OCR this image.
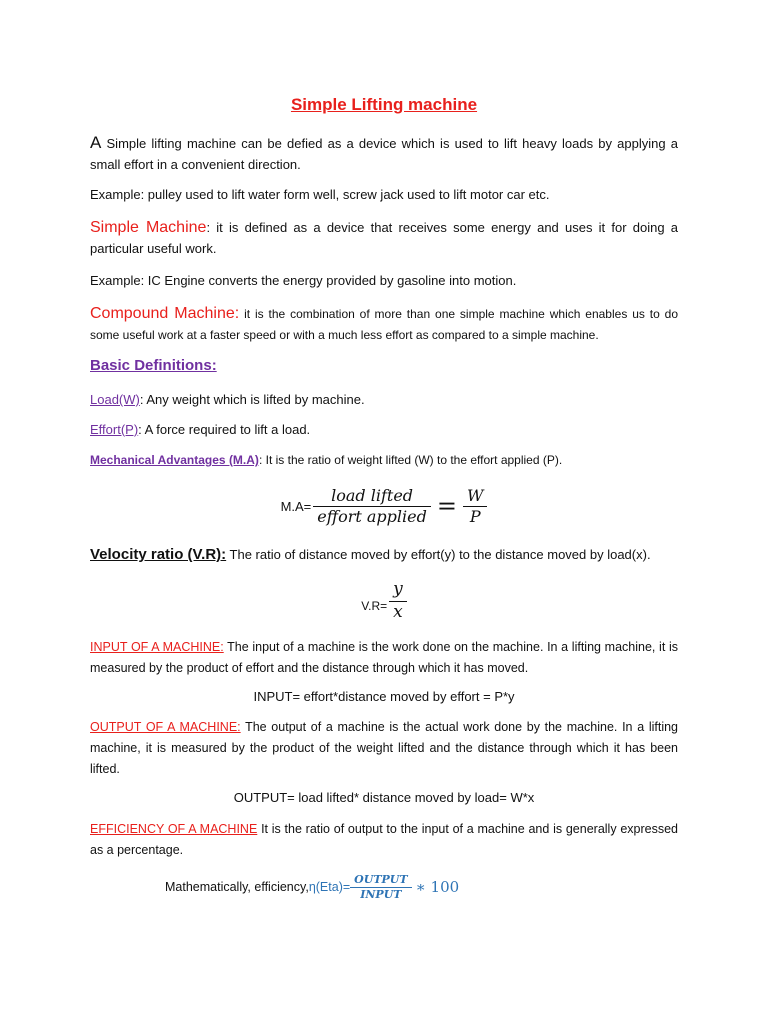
Simple Lifting machine
A Simple lifting machine can be defied as a device which is used to lift heavy loads by applying a small effort in a convenient direction.
Example: pulley used to lift water form well, screw jack used to lift motor car etc.
Simple Machine: it is defined as a device that receives some energy and uses it for doing a particular useful work.
Example: IC Engine converts the energy provided by gasoline into motion.
Compound Machine: it is the combination of more than one simple machine which enables us to do some useful work at a faster speed or with a much less effort as compared to a simple machine.
Basic Definitions:
Load(W): Any weight which is lifted by machine.
Effort(P): A force required to lift a load.
Mechanical Advantages (M.A): It is the ratio of weight lifted (W) to the effort applied (P).
$M.A= \frac{\text{load lifted}}{\text{effort applied}} = \frac{W}{P}$
Velocity ratio (V.R): The ratio of distance moved by effort(y) to the distance moved by load(x).
$V.R= \frac{y}{x}$
INPUT OF A MACHINE: The input of a machine is the work done on the machine. In a lifting machine, it is measured by the product of effort and the distance through which it has moved.
INPUT= effort*distance moved by effort = P*y
OUTPUT OF A MACHINE: The output of a machine is the actual work done by the machine. In a lifting machine, it is measured by the product of the weight lifted and the distance through which it has been lifted.
OUTPUT= load lifted* distance moved by load= W*x
EFFICIENCY OF A MACHINE It is the ratio of output to the input of a machine and is generally expressed as a percentage.
Mathematically, efficiency, $\eta(Eta)= \frac{\text{OUTPUT}}{\text{INPUT}}$ ∗ 100
